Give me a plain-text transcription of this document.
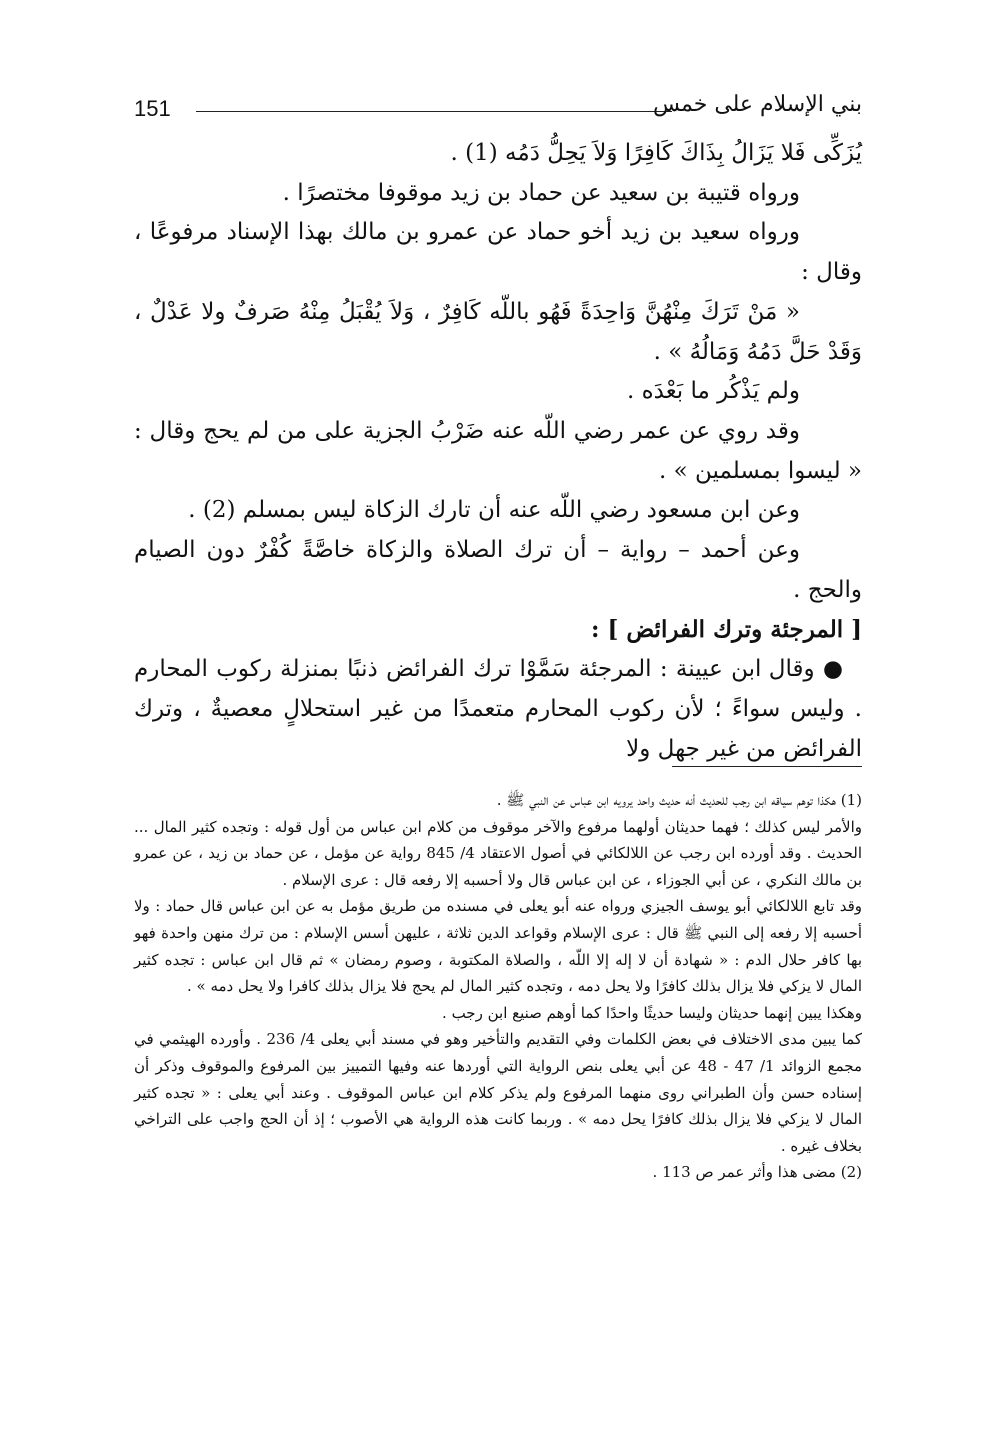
151	بني الإسلام على خمس

يُزَكِّى فَلا يَزَالُ بِذَاكَ كَافِرًا وَلاَ يَحِلُّ دَمُه (1) .

ورواه قتيبة بن سعيد عن حماد بن زيد موقوفا مختصرًا .

ورواه سعيد بن زيد أخو حماد عن عمرو بن مالك بهذا الإسناد مرفوعًا ، وقال :

« مَنْ تَرَكَ مِنْهُنَّ وَاحِدَةً فَهُو باللّه كَافِرٌ ، وَلاَ يُقْبَلُ مِنْهُ صَرفٌ ولا عَدْلٌ ، وَقَدْ حَلَّ دَمُهُ وَمَالُهُ » .

ولم يَذْكُر ما بَعْدَه .

وقد روي عن عمر رضي اللّه عنه ضَرْبُ الجزية على من لم يحج وقال : « ليسوا بمسلمين » .

وعن ابن مسعود رضي اللّه عنه أن تارك الزكاة ليس بمسلم (2) .

وعن أحمد – رواية – أن ترك الصلاة والزكاة خاصَّةً كُفْرٌ دون الصيام والحج .

[ المرجئة وترك الفرائض ] :

● وقال ابن عيينة : المرجئة سَمَّوْا ترك الفرائض ذنبًا بمنزلة ركوب المحارم . وليس سواءً ؛ لأن ركوب المحارم متعمدًا من غير استحلالٍ معصيةٌ ، وترك الفرائض من غير جهل ولا

(1) هكذا توهم سياقه ابن رجب للحديث أنه حديث واحد يرويه ابن عباس عن النبي ﷺ .

والأمر ليس كذلك ؛ فهما حديثان أولهما مرفوع والآخر موقوف من كلام ابن عباس من أول قوله : وتجده كثير المال ... الحديث . وقد أورده ابن رجب عن اللالكائي في أصول الاعتقاد 4/ 845 رواية عن مؤمل ، عن حماد بن زيد ، عن عمرو بن مالك النكري ، عن أبي الجوزاء ، عن ابن عباس قال ولا أحسبه إلا رفعه قال : عرى الإسلام .

وقد تابع اللالكائي أبو يوسف الجيزي ورواه عنه أبو يعلى في مسنده من طريق مؤمل به عن ابن عباس قال حماد : ولا أحسبه إلا رفعه إلى النبي ﷺ قال : عرى الإسلام وقواعد الدين ثلاثة ، عليهن أسس الإسلام : من ترك منهن واحدة فهو بها كافر حلال الدم : « شهادة أن لا إله إلا اللّه ، والصلاة المكتوبة ، وصوم رمضان » ثم قال ابن عباس : تجده كثير المال لا يزكي فلا يزال بذلك كافرًا ولا يحل دمه ، وتجده كثير المال لم يحج فلا يزال بذلك كافرا ولا يحل دمه » .

وهكذا يبين إنهما حديثان وليسا حديثًا واحدًا كما أوهم صنيع ابن رجب .

كما يبين مدى الاختلاف في بعض الكلمات وفي التقديم والتأخير وهو في مسند أبي يعلى 4/ 236 . وأورده الهيثمي في مجمع الزوائد 1/ 47 - 48 عن أبي يعلى بنص الرواية التي أوردها عنه وفيها التمييز بين المرفوع والموقوف وذكر أن إسناده حسن وأن الطبراني روى منهما المرفوع ولم يذكر كلام ابن عباس الموقوف . وعند أبي يعلى : « تجده كثير المال لا يزكي فلا يزال بذلك كافرًا يحل دمه » . وربما كانت هذه الرواية هي الأصوب ؛ إذ أن الحج واجب على التراخي بخلاف غيره .

(2) مضى هذا وأثر عمر ص 113 .
